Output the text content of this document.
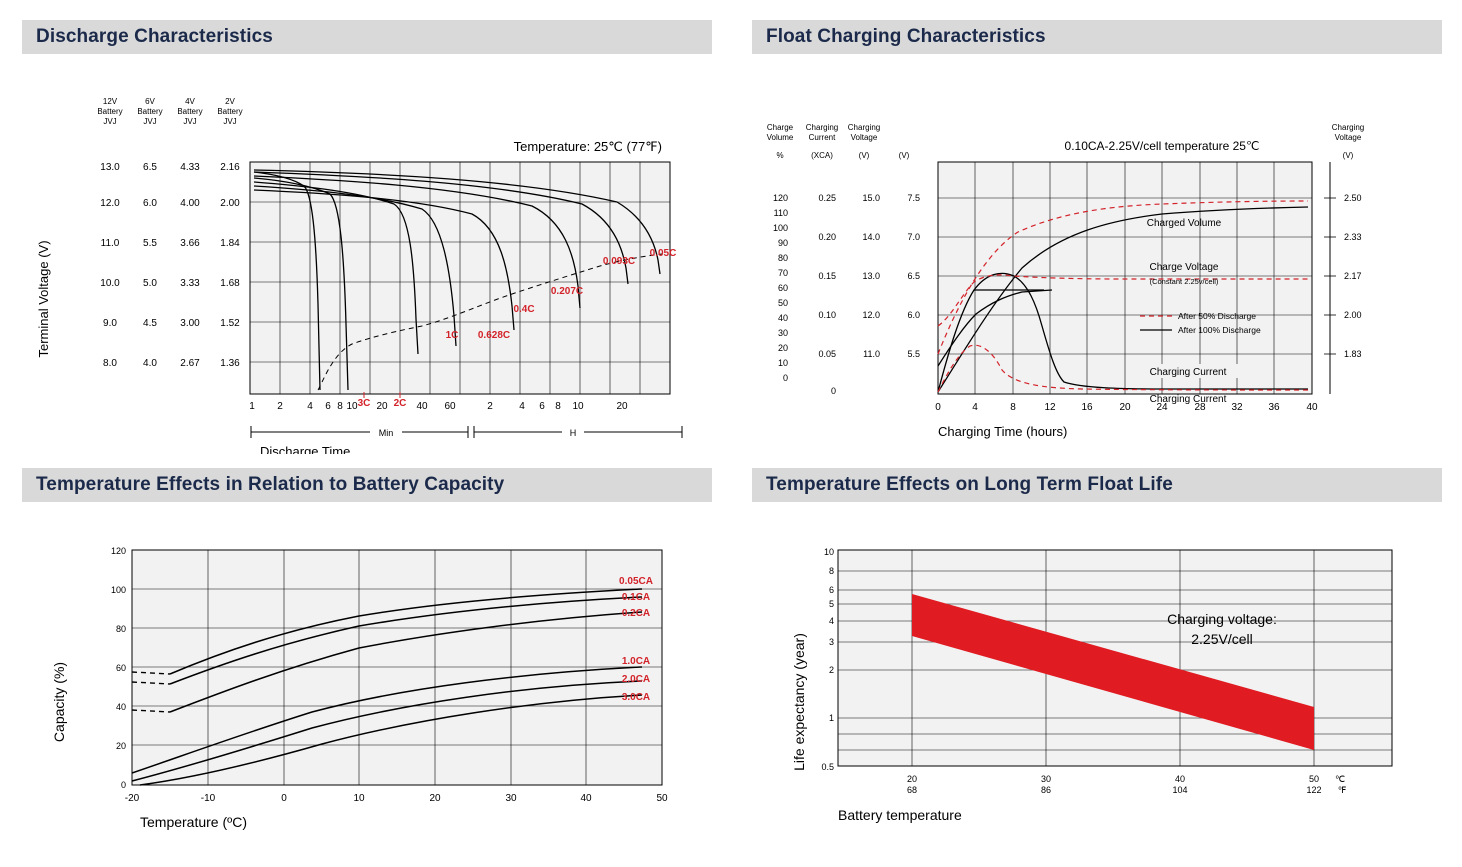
Discharge Characteristics
12V
Battery
JVJ
6V
Battery
JVJ
4V
Battery
JVJ
2V
Battery
JVJ
Temperature: 25℃ (77℉)
Terminal Voltage (V)
13.0 6.5 4.33 2.16
12.0 6.0 4.00 2.00
11.0 5.5 3.66 1.84
10.0 5.0 3.33 1.68
9.0	4.5 3.00 1.52
8.0	4.0 2.67 1.36
3C 2C
1C 0.628C
0.4C
0.207C
0.093C
0.05C
1 2 4 6 8 10 20	40 60	2	4 6 8 10	20
Min	H
Discharge Time
Float Charging Characteristics
Charge
Volume
Charging
Current
Charging
Voltage
%	(XCA)	(V)	(V)
Charging
Voltage
(V)
0.10CA-2.25V/cell temperature 25℃
120
110
100
90
80
70
60
50
40
30
20
10
0
0.25
0.20
0.15
0.10
0.05
0
15.0
14.0
13.0
12.0
11.0
7.5
7.0
6.5
6.0
5.5
2.50
2.33
2.17
2.00
1.83
Charged Volume
Charge Voltage
(Constant 2.25v/cell)
Charging Current
Charging Current
After 50% Discharge
After 100% Discharge
0	4	8	12	16	20	24	28	32	36	40
Charging Time (hours)
Temperature Effects in Relation to Battery Capacity
Capacity (%)
120
100
80
60
40
20
0
0.05CA
0.1CA
0.2CA
1.0CA
2.0CA
3.0CA
-20	-10	0	10	20	30	40	50
Temperature (ºC)
Temperature Effects on Long Term Float Life
Life expectancy (year)
10
8
6
5
4
3
2
1
0.5
Charging voltage:
2.25V/cell
20
68
30
86
40
104
50
122
℃
℉
Battery temperature
